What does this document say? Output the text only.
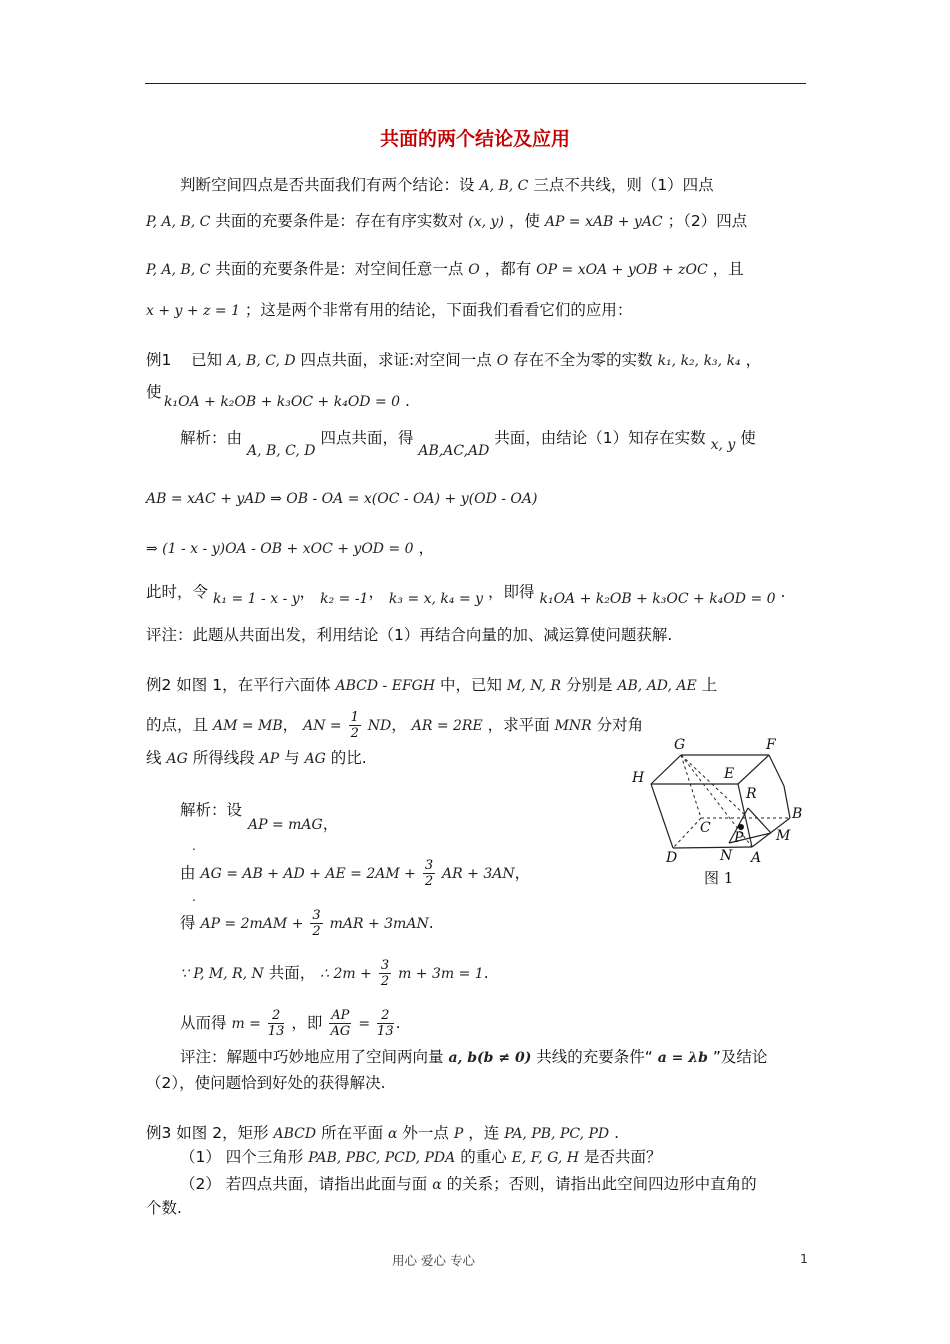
共面的两个结论及应用
判断空间四点是否共面我们有两个结论：设 A, B, C 三点不共线，则（1）四点
P, A, B, C 共面的充要条件是：存在有序实数对 (x, y) ，使 AP = xAB + yAC ；（2）四点
P, A, B, C 共面的充要条件是：对空间任意一点 O ，都有 OP = xOA + yOB + zOC ，且
x + y + z = 1 ；这是两个非常有用的结论，下面我们看看它们的应用：
例1 已知 A, B, C, D 四点共面，求证:对空间一点 O 存在不全为零的实数 k₁, k₂, k₃, k₄ ，
使
k₁OA + k₂OB + k₃OC + k₄OD = 0 .
解析：由 A, B, C, D 四点共面，得 AB,AC,AD 共面，由结论（1）知存在实数 x, y 使
AB = xAC + yAD ⇒ OB - OA = x(OC - OA) + y(OD - OA)
⇒ (1 - x - y)OA - OB + xOC + yOD = 0 ，
此时，令 k₁ = 1 - x - y， k₂ = -1， k₃ = x, k₄ = y ，即得 k₁OA + k₂OB + k₃OC + k₄OD = 0 .
评注：此题从共面出发，利用结论（1）再结合向量的加、减运算使问题获解.
例2 如图 1，在平行六面体 ABCD - EFGH 中，已知 M, N, R 分别是 AB, AD, AE 上
的点，且 AM = MB， AN = $\frac{1}{2}$ ND， AR = 2RE ，求平面 MNR 分对角
线 AG 所得线段 AP 与 AG 的比.
解析：设
AP = mAG，
.
由 AG = AB + AD + AE = $2AM + \frac{3}{2}$ AR + 3AN，
.
得 AP = $2mAM + \frac{3}{2}$ mAR + 3mAN.
∵ P, M, R, N 共面， ∴ $2m + \frac{3}{2}$ m + 3m = 1.
从而得 $m = \frac{2}{13}$ ，即 $\frac{AP}{AG} = \frac{2}{13}$ .
评注：解题中巧妙地应用了空间两向量 a, b(b ≠ 0) 共线的充要条件“ a = λb ”及结论
（2），使问题恰到好处的获得解决.
G	F
H	E
R
B
C
P M
D	N A
图 1
例3 如图 2，矩形 ABCD 所在平面 α 外一点 P ，连 PA, PB, PC, PD .
（1） 四个三角形 PAB, PBC, PCD, PDA 的重心 E, F, G, H 是否共面？
（2） 若四点共面，请指出此面与面 α 的关系；否则，请指出此空间四边形中直角的
个数.
用心 爱心 专心	1
